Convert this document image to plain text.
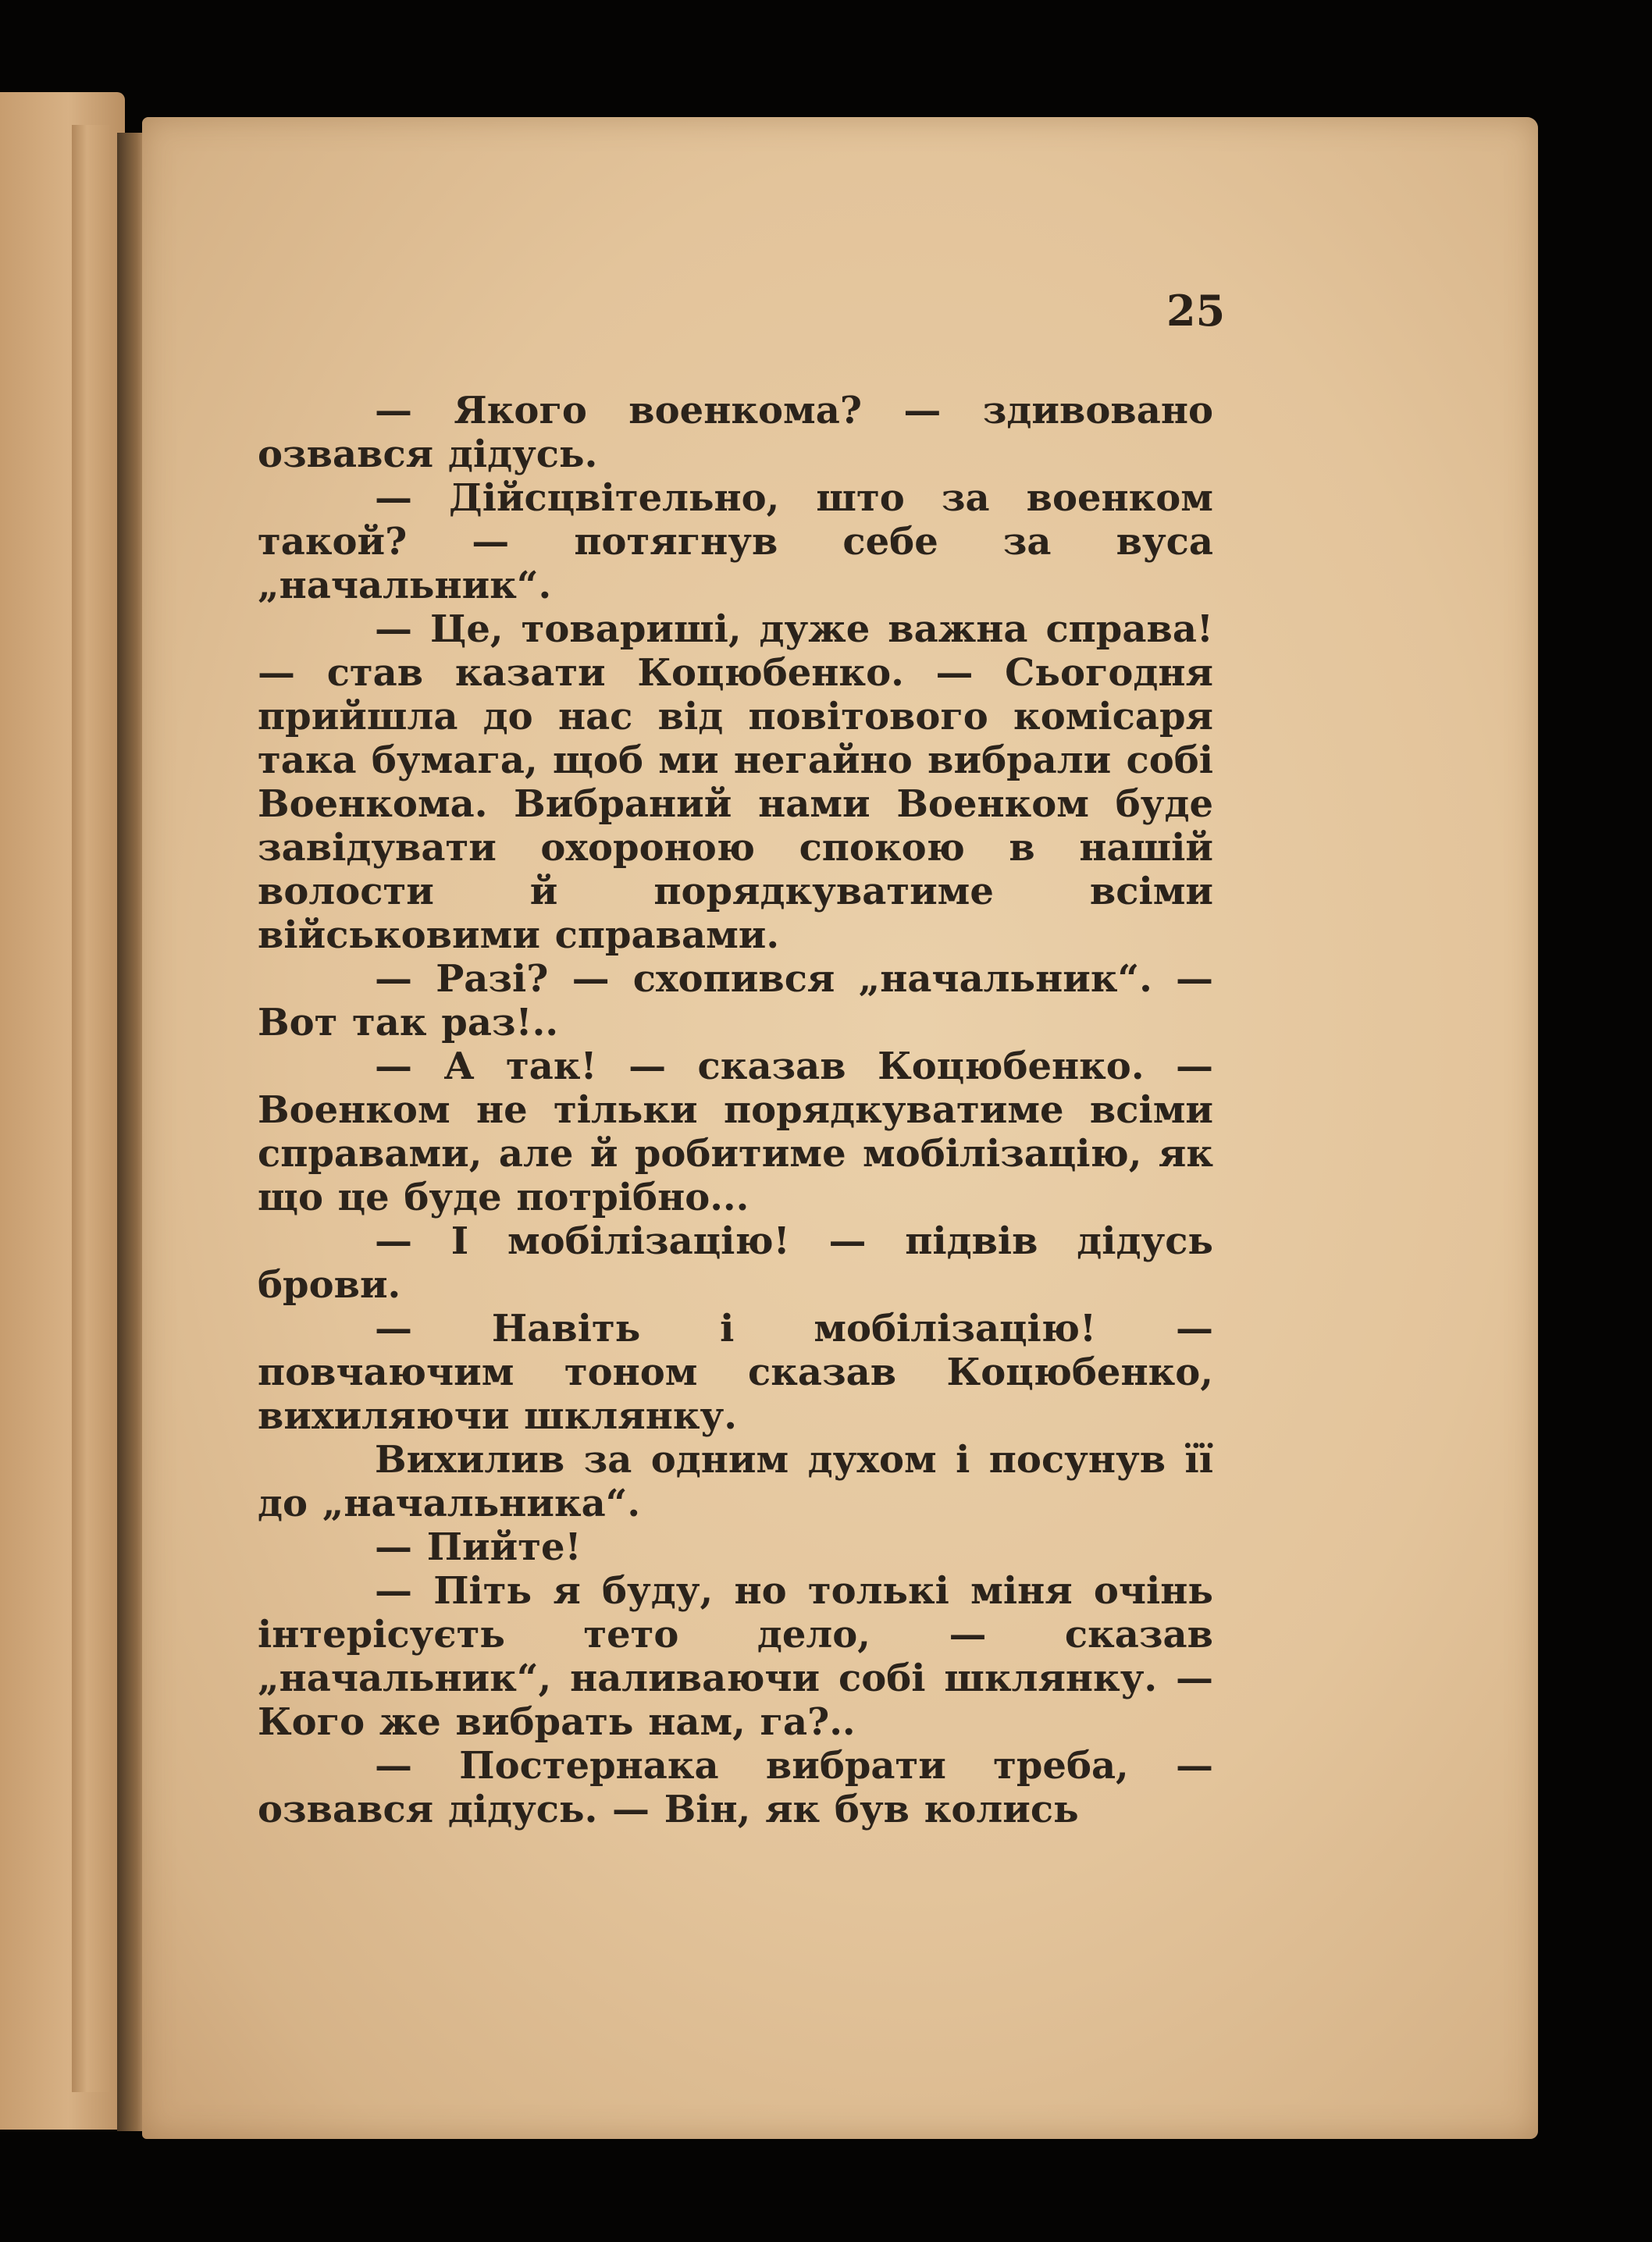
25

— Якого военкома? — здивовано озвався дідусь.

— Дійсцвітельно, што за военком такой? — потягнув себе за вуса „начальник“.

— Це, товариші, дуже важна справа! — став казати Коцюбенко. — Сьогодня прийшла до нас від повітового комісаря така бумага, щоб ми негайно вибрали собі Военкома. Вибраний нами Военком буде завідувати охороною спокою в нашій волости й порядкуватиме всіми військовими справами.

— Разі? — схопився „начальник“. — Вот так раз!..

— А так! — сказав Коцюбенко. — Военком не тільки порядкуватиме всіми справами, але й робитиме мобілізацію, як що це буде потрібно...

— І мобілізацію! — підвів дідусь брови.

— Навіть і мобілізацію! — повчаючим тоном сказав Коцюбенко, вихиляючи шклянку.

Вихилив за одним духом і посунув її до „начальника“.

— Пийте!

— Піть я буду, но толькі міня очінь інтерісуєть тето дело, — сказав „начальник“, наливаючи собі шклянку. — Кого же вибрать нам, га?..

— Постернака вибрати треба, — озвався дідусь. — Він, як був колись
